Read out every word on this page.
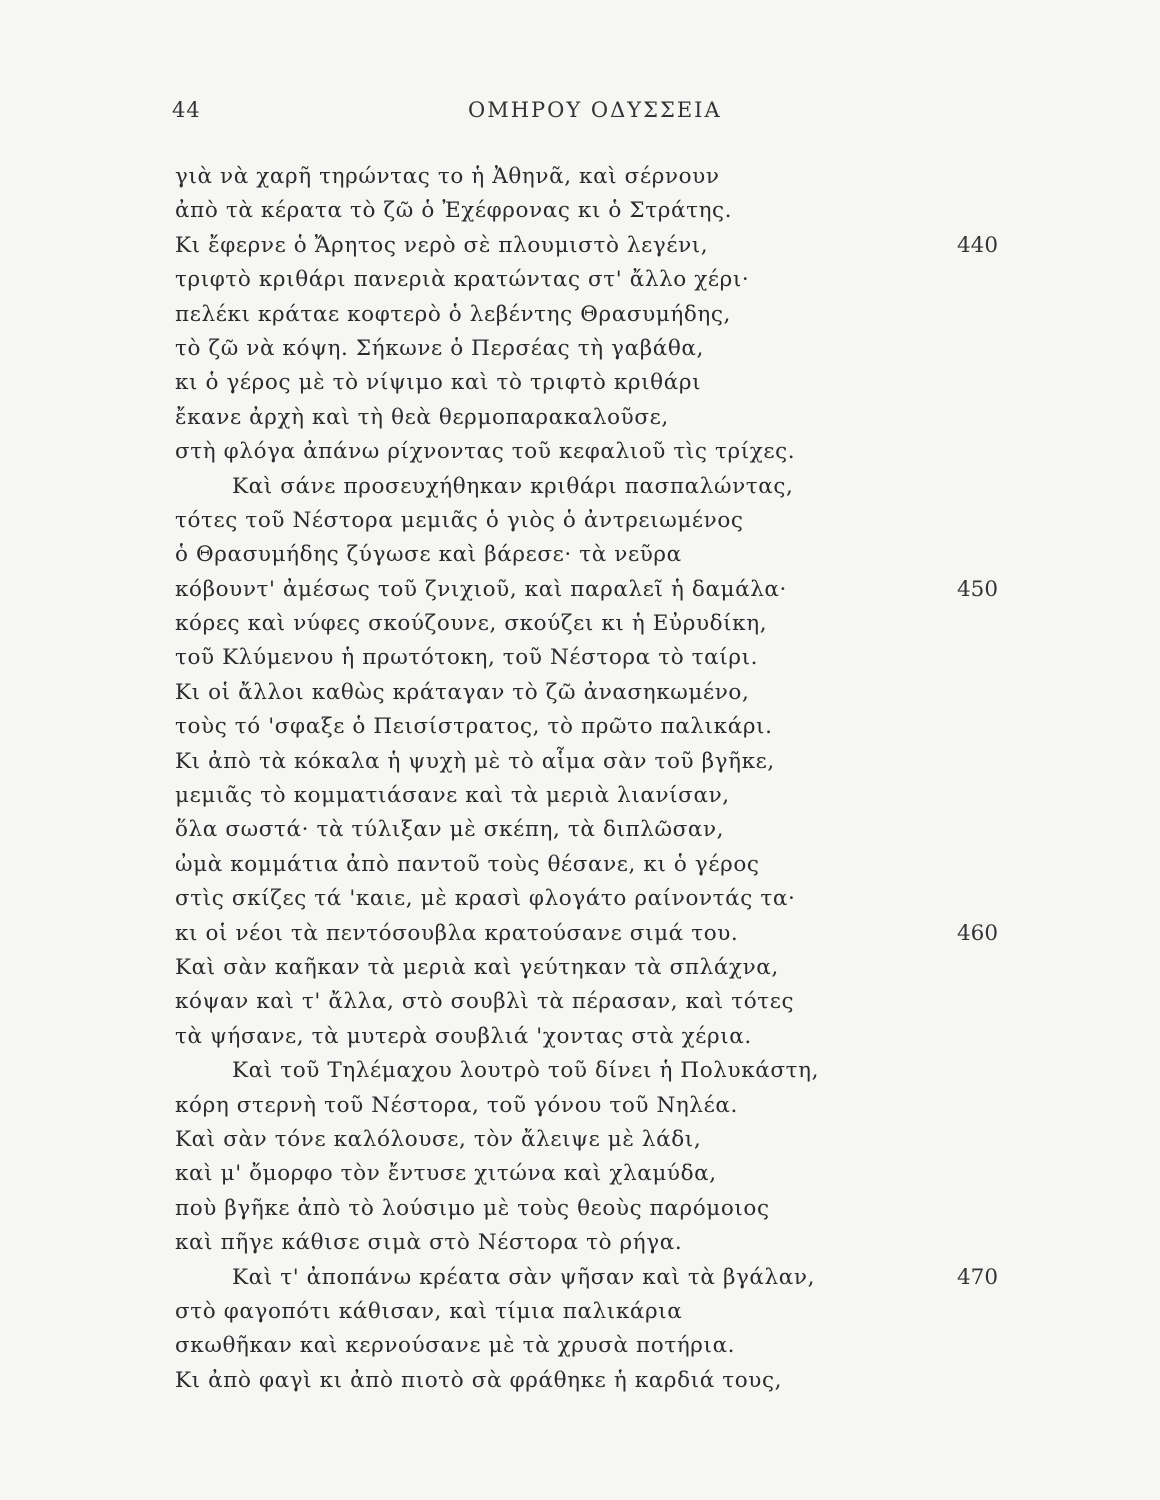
44	ΟΜΗΡΟΥ ΟΔΥΣΣΕΙΑ
γιὰ νὰ χαρῆ τηρώντας το ἡ Ἀθηνᾶ, καὶ σέρνουν
ἀπὸ τὰ κέρατα τὸ ζῶ ὁ Ἐχέφρονας κι ὁ Στράτης.
Κι ἔφερνε ὁ Ἄρητος νερὸ σὲ πλουμιστὸ λεγένι,	440
τριφτὸ κριθάρι πανεριὰ κρατώντας στ' ἄλλο χέρι·
πελέκι κράταε κοφτερὸ ὁ λεβέντης Θρασυμήδης,
τὸ ζῶ νὰ κόψη. Σήκωνε ὁ Περσέας τὴ γαβάθα,
κι ὁ γέρος μὲ τὸ νίψιμο καὶ τὸ τριφτὸ κριθάρι
ἔκανε ἀρχὴ καὶ τὴ θεὰ θερμοπαρακαλοῦσε,
στὴ φλόγα ἀπάνω ρίχνοντας τοῦ κεφαλιοῦ τὶς τρίχες.
Καὶ σάνε προσευχήθηκαν κριθάρι πασπαλώντας,
τότες τοῦ Νέστορα μεμιᾶς ὁ γιὸς ὁ ἀντρειωμένος
ὁ Θρασυμήδης ζύγωσε καὶ βάρεσε· τὰ νεῦρα
κόβουντ' ἀμέσως τοῦ ζνιχιοῦ, καὶ παραλεῖ ἡ δαμάλα·	450
κόρες καὶ νύφες σκούζουνε, σκούζει κι ἡ Εὐρυδίκη,
τοῦ Κλύμενου ἡ πρωτότοκη, τοῦ Νέστορα τὸ ταίρι.
Κι οἱ ἄλλοι καθὼς κράταγαν τὸ ζῶ ἀνασηκωμένο,
τοὺς τό 'σφαξε ὁ Πεισίστρατος, τὸ πρῶτο παλικάρι.
Κι ἀπὸ τὰ κόκαλα ἡ ψυχὴ μὲ τὸ αἷμα σὰν τοῦ βγῆκε,
μεμιᾶς τὸ κομματιάσανε καὶ τὰ μεριὰ λιανίσαν,
ὅλα σωστά· τὰ τύλιξαν μὲ σκέπη, τὰ διπλῶσαν,
ὠμὰ κομμάτια ἀπὸ παντοῦ τοὺς θέσανε, κι ὁ γέρος
στὶς σκίζες τά 'καιε, μὲ κρασὶ φλογάτο ραίνοντάς τα·
κι οἱ νέοι τὰ πεντόσουβλα κρατούσανε σιμά του.	460
Καὶ σὰν καῆκαν τὰ μεριὰ καὶ γεύτηκαν τὰ σπλάχνα,
κόψαν καὶ τ' ἄλλα, στὸ σουβλὶ τὰ πέρασαν, καὶ τότες
τὰ ψήσανε, τὰ μυτερὰ σουβλιά 'χοντας στὰ χέρια.
Καὶ τοῦ Τηλέμαχου λουτρὸ τοῦ δίνει ἡ Πολυκάστη,
κόρη στερνὴ τοῦ Νέστορα, τοῦ γόνου τοῦ Νηλέα.
Καὶ σὰν τόνε καλόλουσε, τὸν ἄλειψε μὲ λάδι,
καὶ μ' ὄμορφο τὸν ἔντυσε χιτώνα καὶ χλαμύδα,
ποὺ βγῆκε ἀπὸ τὸ λούσιμο μὲ τοὺς θεοὺς παρόμοιος
καὶ πῆγε κάθισε σιμὰ στὸ Νέστορα τὸ ρήγα.
Καὶ τ' ἀποπάνω κρέατα σὰν ψῆσαν καὶ τὰ βγάλαν,	470
στὸ φαγοπότι κάθισαν, καὶ τίμια παλικάρια
σκωθῆκαν καὶ κερνούσανε μὲ τὰ χρυσὰ ποτήρια.
Κι ἀπὸ φαγὶ κι ἀπὸ πιοτὸ σὰ φράθηκε ἡ καρδιά τους,
